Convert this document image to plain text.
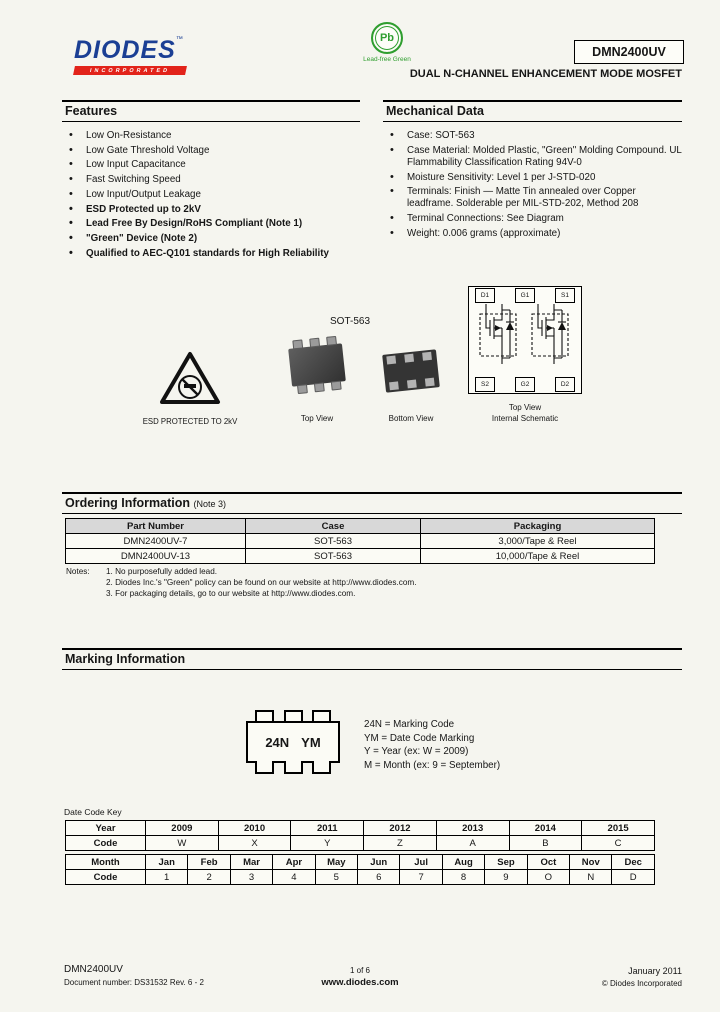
DIODES™
INCORPORATED
Pb
Lead-free Green
DMN2400UV
DUAL N-CHANNEL ENHANCEMENT MODE MOSFET
Features
• Low On-Resistance
• Low Gate Threshold Voltage
• Low Input Capacitance
• Fast Switching Speed
• Low Input/Output Leakage
• ESD Protected up to 2kV
• Lead Free By Design/RoHS Compliant (Note 1)
• "Green" Device (Note 2)
• Qualified to AEC-Q101 standards for High Reliability
Mechanical Data
• Case: SOT-563
• Case Material: Molded Plastic, "Green" Molding Compound. UL Flammability Classification Rating 94V-0
• Moisture Sensitivity: Level 1 per J-STD-020
• Terminals: Finish — Matte Tin annealed over Copper leadframe. Solderable per MIL-STD-202, Method 208
• Terminal Connections: See Diagram
• Weight: 0.006 grams (approximate)
ESD PROTECTED TO 2kV
SOT-563
Top View	Bottom View
D1	G1	S1
S2	G2	D2
Top View
Internal Schematic
Ordering Information (Note 3)
Part Number	Case	Packaging
DMN2400UV-7	SOT-563	3,000/Tape & Reel
DMN2400UV-13	SOT-563	10,000/Tape & Reel
Notes: 1. No purposefully added lead.
2. Diodes Inc.'s "Green" policy can be found on our website at http://www.diodes.com.
3. For packaging details, go to our website at http://www.diodes.com.
Marking Information
24N YM
24N = Marking Code
YM = Date Code Marking
Y = Year (ex: W = 2009)
M = Month (ex: 9 = September)
Date Code Key
Year	2009	2010	2011	2012	2013	2014	2015
Code	W	X	Y	Z	A	B	C
Month	Jan	Feb	Mar	Apr	May	Jun	Jul	Aug	Sep	Oct	Nov	Dec
Code	1	2	3	4	5	6	7	8	9	O	N	D
DMN2400UV
Document number: DS31532 Rev. 6 - 2
1 of 6
www.diodes.com
January 2011
© Diodes Incorporated
